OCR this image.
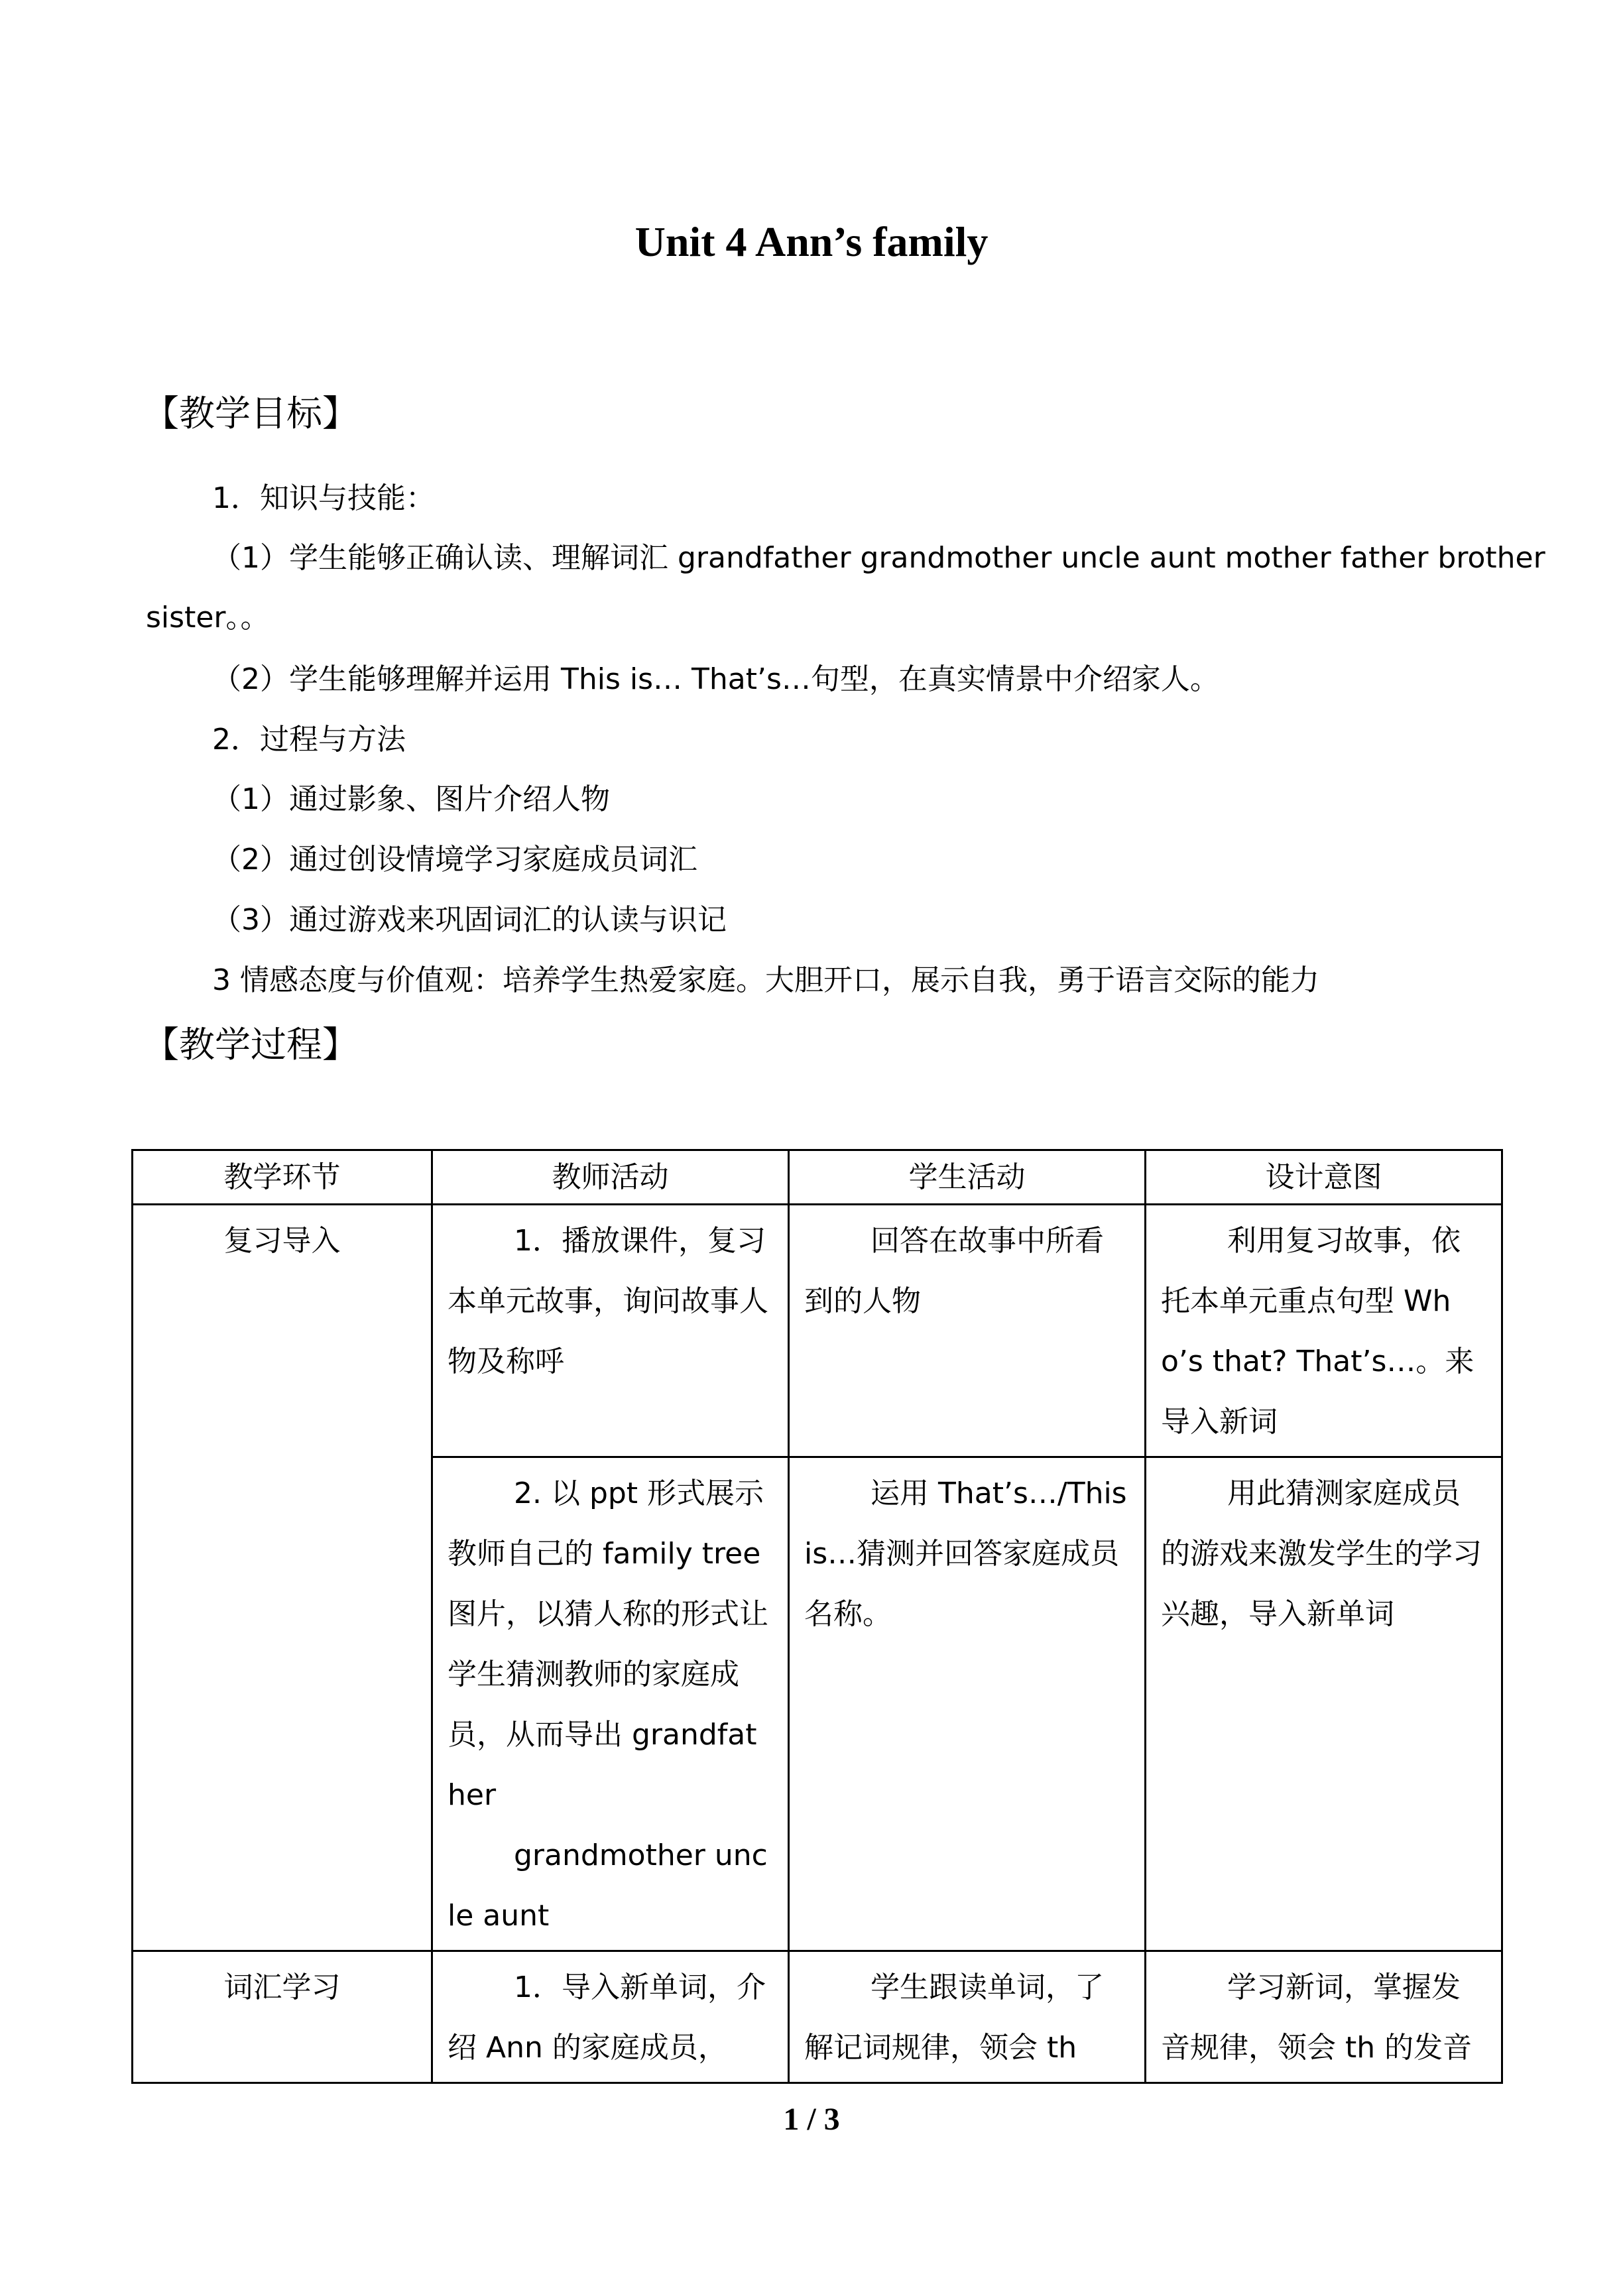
Unit 4 Ann’s family
【教学目标】
1．知识与技能：
（1）学生能够正确认读、理解词汇 grandfather grandmother uncle aunt mother father brother
sister。。
（2）学生能够理解并运用 This is… That’s…句型，在真实情景中介绍家人。
2．过程与方法
（1）通过影象、图片介绍人物
（2）通过创设情境学习家庭成员词汇
（3）通过游戏来巩固词汇的认读与识记
3 情感态度与价值观：培养学生热爱家庭。大胆开口，展示自我，勇于语言交际的能力
【教学过程】
教学环节	教师活动	学生活动	设计意图
复习导入	1．播放课件，复习本单元故事，询问故事人物及称呼	回答在故事中所看到的人物	利用复习故事，依托本单元重点句型 Who’s that? That’s…。来导入新词

	2. 以 ppt 形式展示教师自己的 family tree 图片，以猜人称的形式让学生猜测教师的家庭成员，从而导出 grandfather
grandmother uncle aunt	运用 That’s…/This is…猜测并回答家庭成员名称。	用此猜测家庭成员的游戏来激发学生的学习兴趣，导入新单词

词汇学习	1．导入新单词，介绍 Ann 的家庭成员，	学生跟读单词，了解记词规律，领会 th	学习新词，掌握发音规律，领会 th 的发音
1 / 3
